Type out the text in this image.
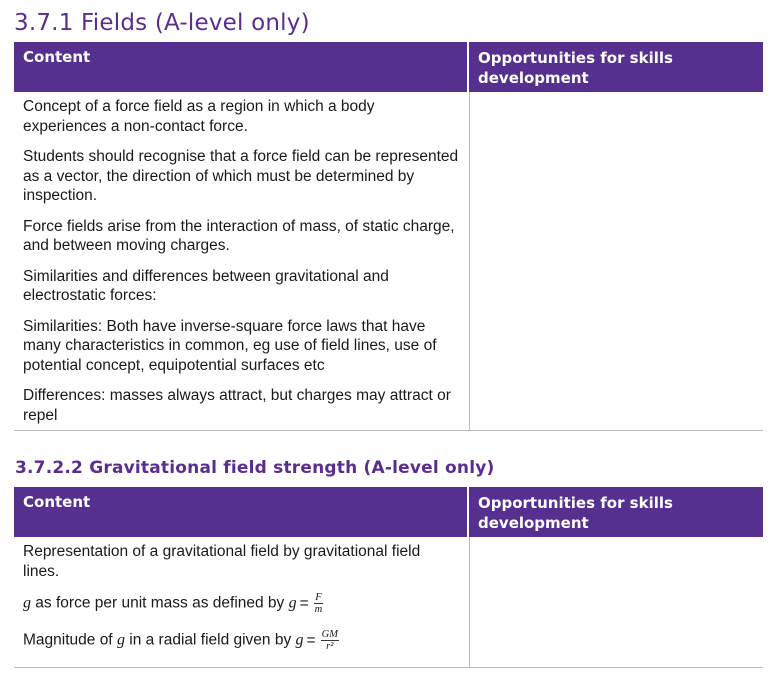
3.7.1 Fields (A-level only)
Content	Opportunities for skills development

Concept of a force field as a region in which a body experiences a non-contact force.

Students should recognise that a force field can be represented as a vector, the direction of which must be determined by inspection.

Force fields arise from the interaction of mass, of static charge, and between moving charges.

Similarities and differences between gravitational and electrostatic forces:

Similarities: Both have inverse-square force laws that have many characteristics in common, eg use of field lines, use of potential concept, equipotential surfaces etc

Differences: masses always attract, but charges may attract or repel

3.7.2.2 Gravitational field strength (A-level only)
Content	Opportunities for skills development

Representation of a gravitational field by gravitational field lines.

g as force per unit mass as defined by $g = \frac{F}{m}$

Magnitude of g in a radial field given by $g = \frac{GM}{\text{r²}}$
